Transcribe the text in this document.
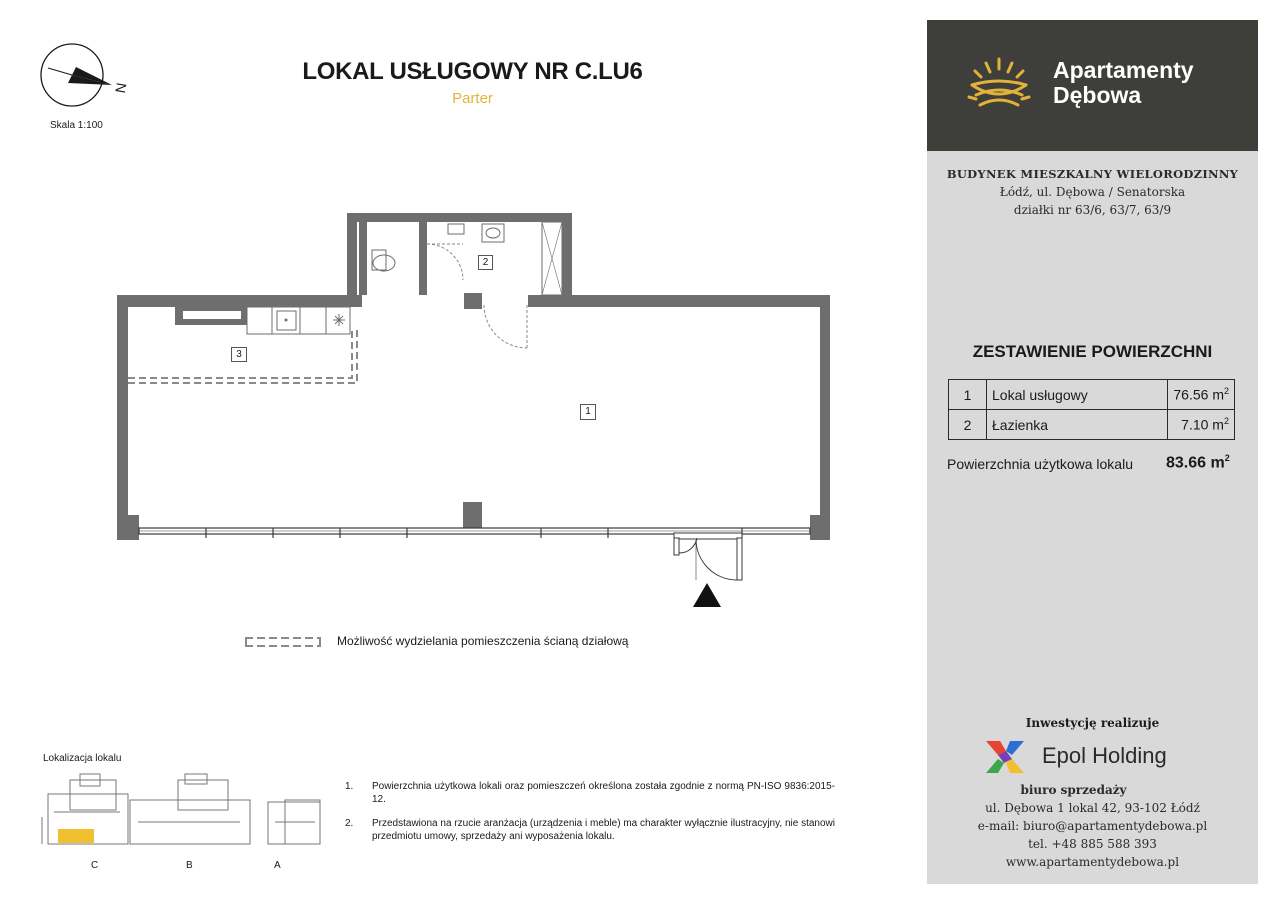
N
Skala 1:100
LOKAL USŁUGOWY NR C.LU6
Parter
1
2
3
Możliwość wydzielania pomieszczenia ścianą działową
Lokalizacja lokalu
C	B	A
1.	Powierzchnia użytkowa lokali oraz pomieszczeń określona została zgodnie z normą PN-ISO 9836:2015-12.
2.	Przedstawiona na rzucie aranżacja (urządzenia i meble) ma charakter wyłącznie ilustracyjny, nie stanowi przedmiotu umowy, sprzedaży ani wyposażenia lokalu.
Apartamenty
Dębowa
BUDYNEK MIESZKALNY WIELORODZINNY
Łódź, ul. Dębowa / Senatorska
działki nr 63/6, 63/7, 63/9
ZESTAWIENIE POWIERZCHNI
1	Lokal usługowy	76.56 $m^2$
2	Łazienka	7.10 $m^2$
Powierzchnia użytkowa lokalu 83.66 $m^2$
Inwestycję realizuje
Epol Holding
biuro sprzedaży
ul. Dębowa 1 lokal 42, 93-102 Łódź
e-mail: biuro@apartamentydebowa.pl
tel. +48 885 588 393
www.apartamentydebowa.pl
